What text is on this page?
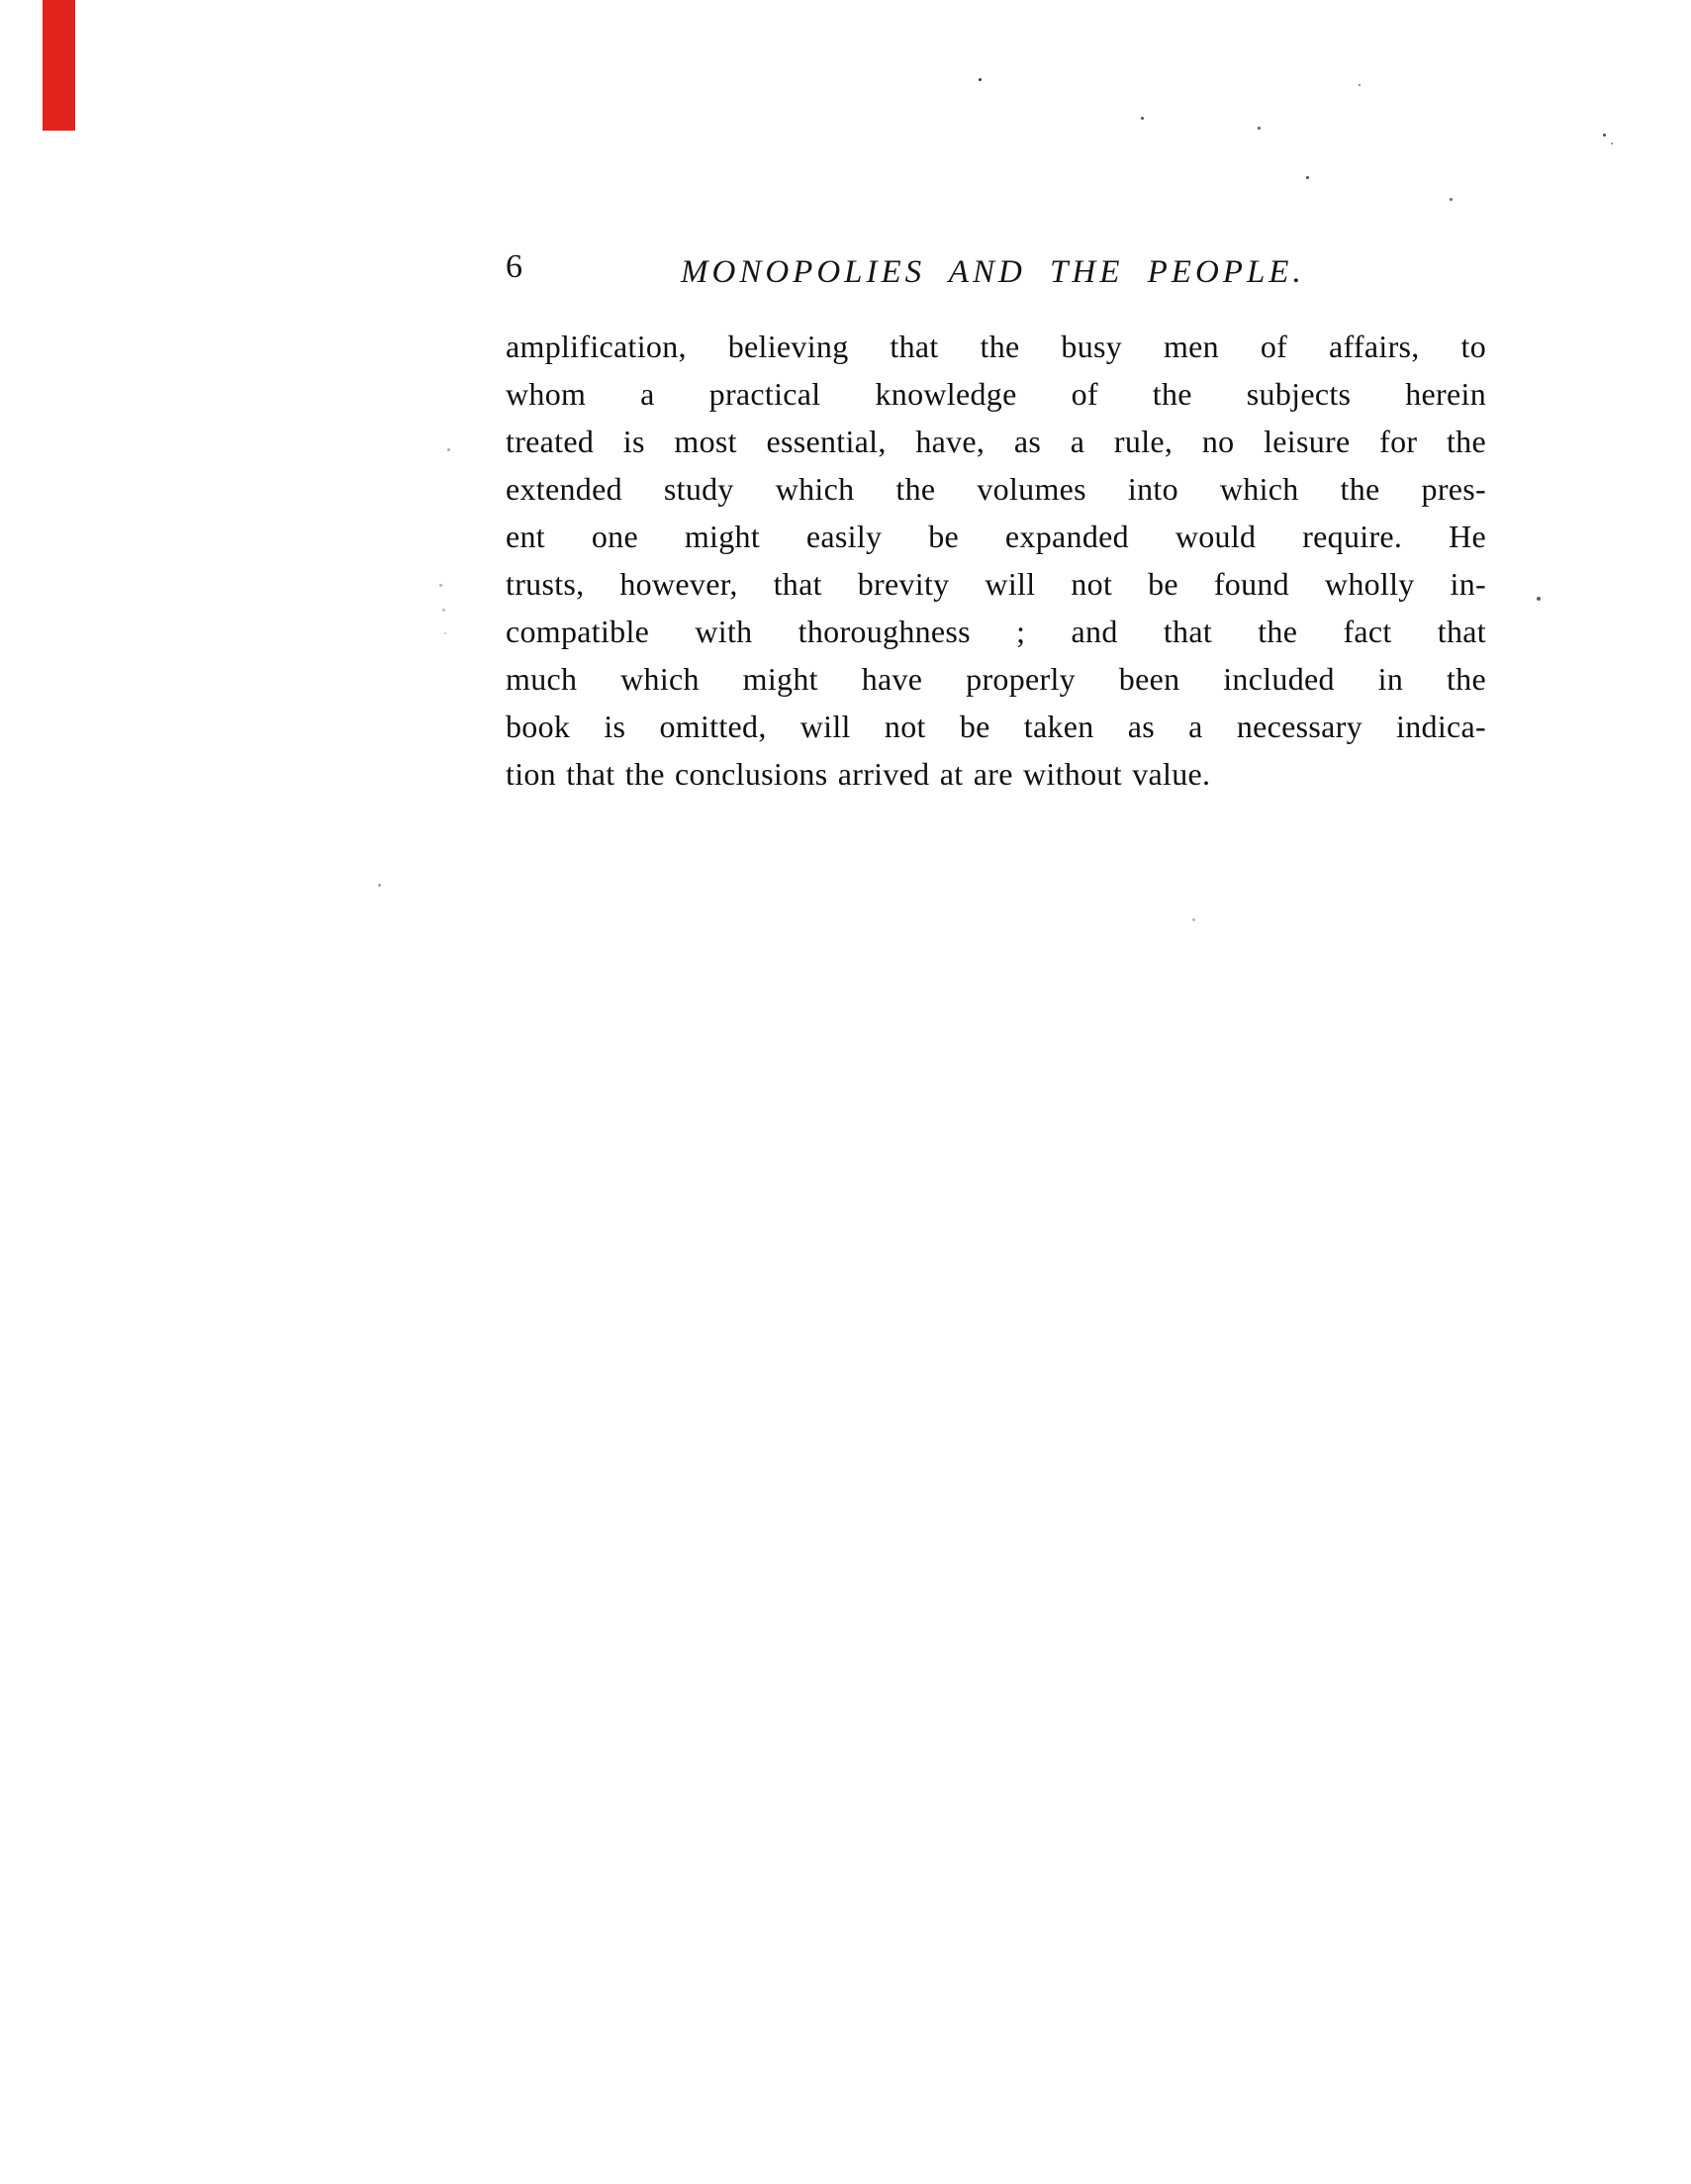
6	MONOPOLIES AND THE PEOPLE.
amplification, believing that the busy men of affairs, to
whom a practical knowledge of the subjects herein
treated is most essential, have, as a rule, no leisure for the
extended study which the volumes into which the pres-
ent one might easily be expanded would require. He
trusts, however, that brevity will not be found wholly in-
compatible with thoroughness ; and that the fact that
much which might have properly been included in the
book is omitted, will not be taken as a necessary indica-
tion that the conclusions arrived at are without value.
